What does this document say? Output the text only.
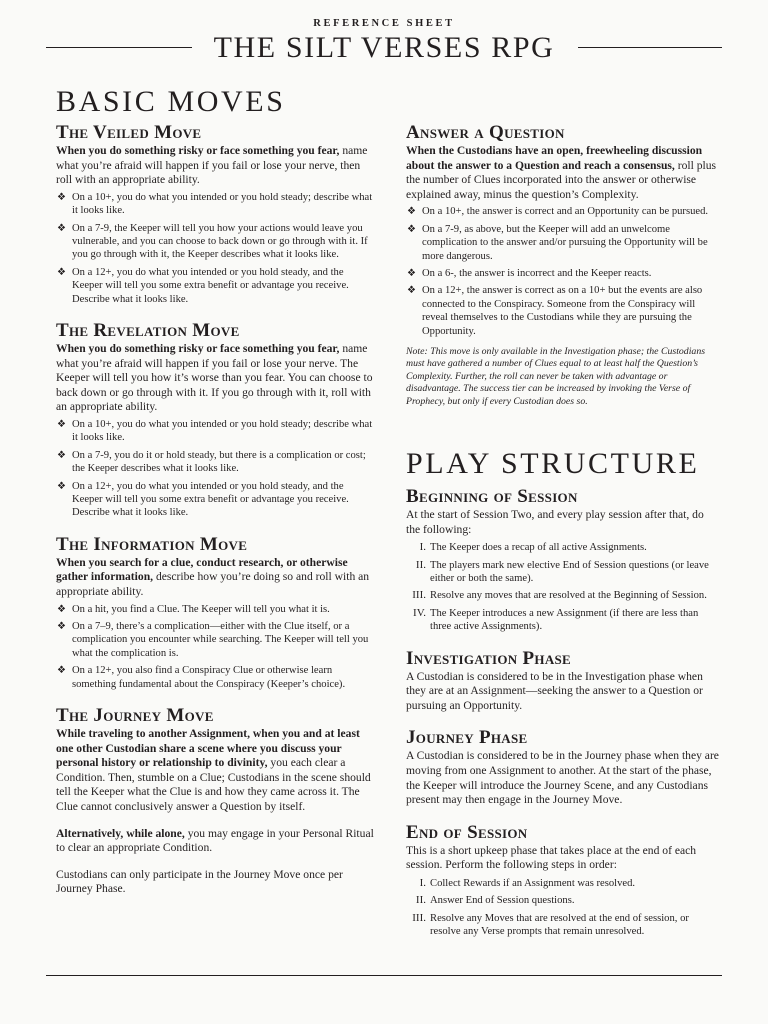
REFERENCE SHEET
THE SILT VERSES RPG
BASIC MOVES
The Veiled Move

When you do something risky or face something you fear, name what you’re afraid will happen if you fail or lose your nerve, then roll with an appropriate ability.

❖ On a 10+, you do what you intended or you hold steady; describe what it looks like.
❖ On a 7-9, the Keeper will tell you how your actions would leave you vulnerable, and you can choose to back down or go through with it. If you go through with it, the Keeper describes what it looks like.
❖ On a 12+, you do what you intended or you hold steady, and the Keeper will tell you some extra benefit or advantage you receive. Describe what it looks like.
The Revelation Move

When you do something risky or face something you fear, name what you’re afraid will happen if you fail or lose your nerve. The Keeper will tell you how it’s worse than you fear. You can choose to back down or go through with it. If you go through with it, roll with an appropriate ability.

❖ On a 10+, you do what you intended or you hold steady; describe what it looks like.
❖ On a 7-9, you do it or hold steady, but there is a complication or cost; the Keeper describes what it looks like.
❖ On a 12+, you do what you intended or you hold steady, and the Keeper will tell you some extra benefit or advantage you receive. Describe what it looks like.
The Information Move

When you search for a clue, conduct research, or otherwise gather information, describe how you’re doing so and roll with an appropriate ability.

❖ On a hit, you find a Clue. The Keeper will tell you what it is.
❖ On a 7–9, there’s a complication—either with the Clue itself, or a complication you encounter while searching. The Keeper will tell you what the complication is.
❖ On a 12+, you also find a Conspiracy Clue or otherwise learn something fundamental about the Conspiracy (Keeper’s choice).
The Journey Move

While traveling to another Assignment, when you and at least one other Custodian share a scene where you discuss your personal history or relationship to divinity, you each clear a Condition. Then, stumble on a Clue; Custodians in the scene should tell the Keeper what the Clue is and how they came across it. The Clue cannot conclusively answer a Question by itself.

Alternatively, while alone, you may engage in your Personal Ritual to clear an appropriate Condition.

Custodians can only participate in the Journey Move once per Journey Phase.

Answer a Question

When the Custodians have an open, freewheeling discussion about the answer to a Question and reach a consensus, roll plus the number of Clues incorporated into the answer or otherwise explained away, minus the question’s Complexity.

❖ On a 10+, the answer is correct and an Opportunity can be pursued.
❖ On a 7-9, as above, but the Keeper will add an unwelcome complication to the answer and/or pursuing the Opportunity will be more dangerous.
❖ On a 6-, the answer is incorrect and the Keeper reacts.
❖ On a 12+, the answer is correct as on a 10+ but the events are also connected to the Conspiracy. Someone from the Conspiracy will reveal themselves to the Custodians while they are pursuing the Opportunity.

Note: This move is only available in the Investigation phase; the Custodians must have gathered a number of Clues equal to at least half the Question’s Complexity. Further, the roll can never be taken with advantage or disadvantage. The success tier can be increased by invoking the Verse of Prophecy, but only if every Custodian does so.

PLAY STRUCTURE
Beginning of Session

At the start of Session Two, and every play session after that, do the following:

I. The Keeper does a recap of all active Assignments.
II. The players mark new elective End of Session questions (or leave either or both the same).
III. Resolve any moves that are resolved at the Beginning of Session.
IV. The Keeper introduces a new Assignment (if there are less than three active Assignments).
Investigation Phase

A Custodian is considered to be in the Investigation phase when they are at an Assignment—seeking the answer to a Question or pursuing an Opportunity.

Journey Phase

A Custodian is considered to be in the Journey phase when they are moving from one Assignment to another. At the start of the phase, the Keeper will introduce the Journey Scene, and any Custodians present may then engage in the Journey Move.

End of Session

This is a short upkeep phase that takes place at the end of each session. Perform the following steps in order:

I. Collect Rewards if an Assignment was resolved.
II. Answer End of Session questions.
III. Resolve any Moves that are resolved at the end of session, or resolve any Verse prompts that remain unresolved.
